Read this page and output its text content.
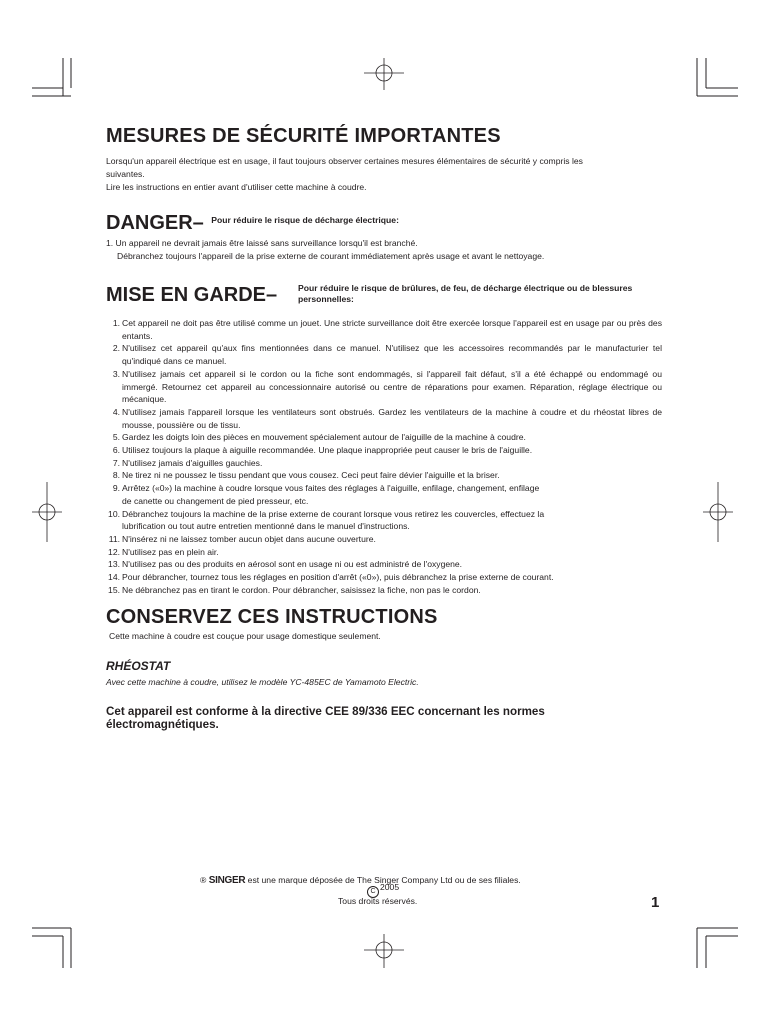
MESURES DE SÉCURITÉ IMPORTANTES
Lorsqu'un appareil électrique est en usage, il faut toujours observer certaines mesures élémentaires de sécurité y compris les
suivantes.
Lire les instructions en entier avant d'utiliser cette machine à coudre.
DANGER– $^{Pour réduire le risque de décharge électrique:}$
1. Un appareil ne devrait jamais être laissé sans surveillance lorsqu'il est branché.
Débranchez toujours l'appareil de la prise externe de courant immédiatement après usage et avant le nettoyage.
MISE EN GARDE– Pour réduire le risque de brûlures, de feu, de décharge électrique ou de blessures
personnelles:
1. Cet appareil ne doit pas être utilisé comme un jouet. Une stricte surveillance doit être exercée lorsque l'appareil est en usage par ou près des entants.
2. N'utilisez cet appareil qu'aux fins mentionnées dans ce manuel. N'utilisez que les accessoires recommandés par le manufacturier tel qu'indiqué dans ce manuel.
3. N'utilisez jamais cet appareil si le cordon ou la fiche sont endommagés, si l'appareil fait défaut, s'il a été échappé ou endommagé ou immergé. Retournez cet appareil au concessionnaire autorisé ou centre de réparations pour examen. Réparation, réglage électrique ou mécanique.
4. N'utilisez jamais l'appareil lorsque les ventilateurs sont obstrués. Gardez les ventilateurs de la machine à coudre et du rhéostat libres de mousse, poussière ou de tissu.
5. Gardez les doigts loin des pièces en mouvement spécialement autour de l'aiguille de la machine à coudre.
6. Utilisez toujours la plaque à aiguille recommandée. Une plaque inappropriée peut causer le bris de l'aiguille.
7. N'utilisez jamais d'aiguilles gauchies.
8. Ne tirez ni ne poussez le tissu pendant que vous cousez. Ceci peut faire dévier l'aiguille et la briser.
9. Arrêtez («0») la machine à coudre lorsque vous faites des réglages à l'aiguille, enfilage, changement, enfilage de canette ou changement de pied presseur, etc.
10. Débranchez toujours la machine de la prise externe de courant lorsque vous retirez les couvercles, effectuez la lubrification ou tout autre entretien mentionné dans le manuel d'instructions.
11. N'insérez ni ne laissez tomber aucun objet dans aucune ouverture.
12. N'utilisez pas en plein air.
13. N'utilisez pas ou des produits en aérosol sont en usage ni ou est administré de l'oxygene.
14. Pour débrancher, tournez tous les réglages en position d'arrêt («0»), puis débranchez la prise externe de courant.
15. Ne débranchez pas en tirant le cordon. Pour débrancher, saisissez la fiche, non pas le cordon.
CONSERVEZ CES INSTRUCTIONS
Cette machine à coudre est couçue pour usage domestique seulement.
RHÉOSTAT
Avec cette machine à coudre, utilisez le modèle YC-485EC de Yamamoto Electric.
Cet appareil est conforme à la directive CEE 89/336 EEC concernant les normes
électromagnétiques.
® SINGER est une marque déposée de The Singer Company Ltd ou de ses filiales.
C 2005
Tous droits réservés.	1
